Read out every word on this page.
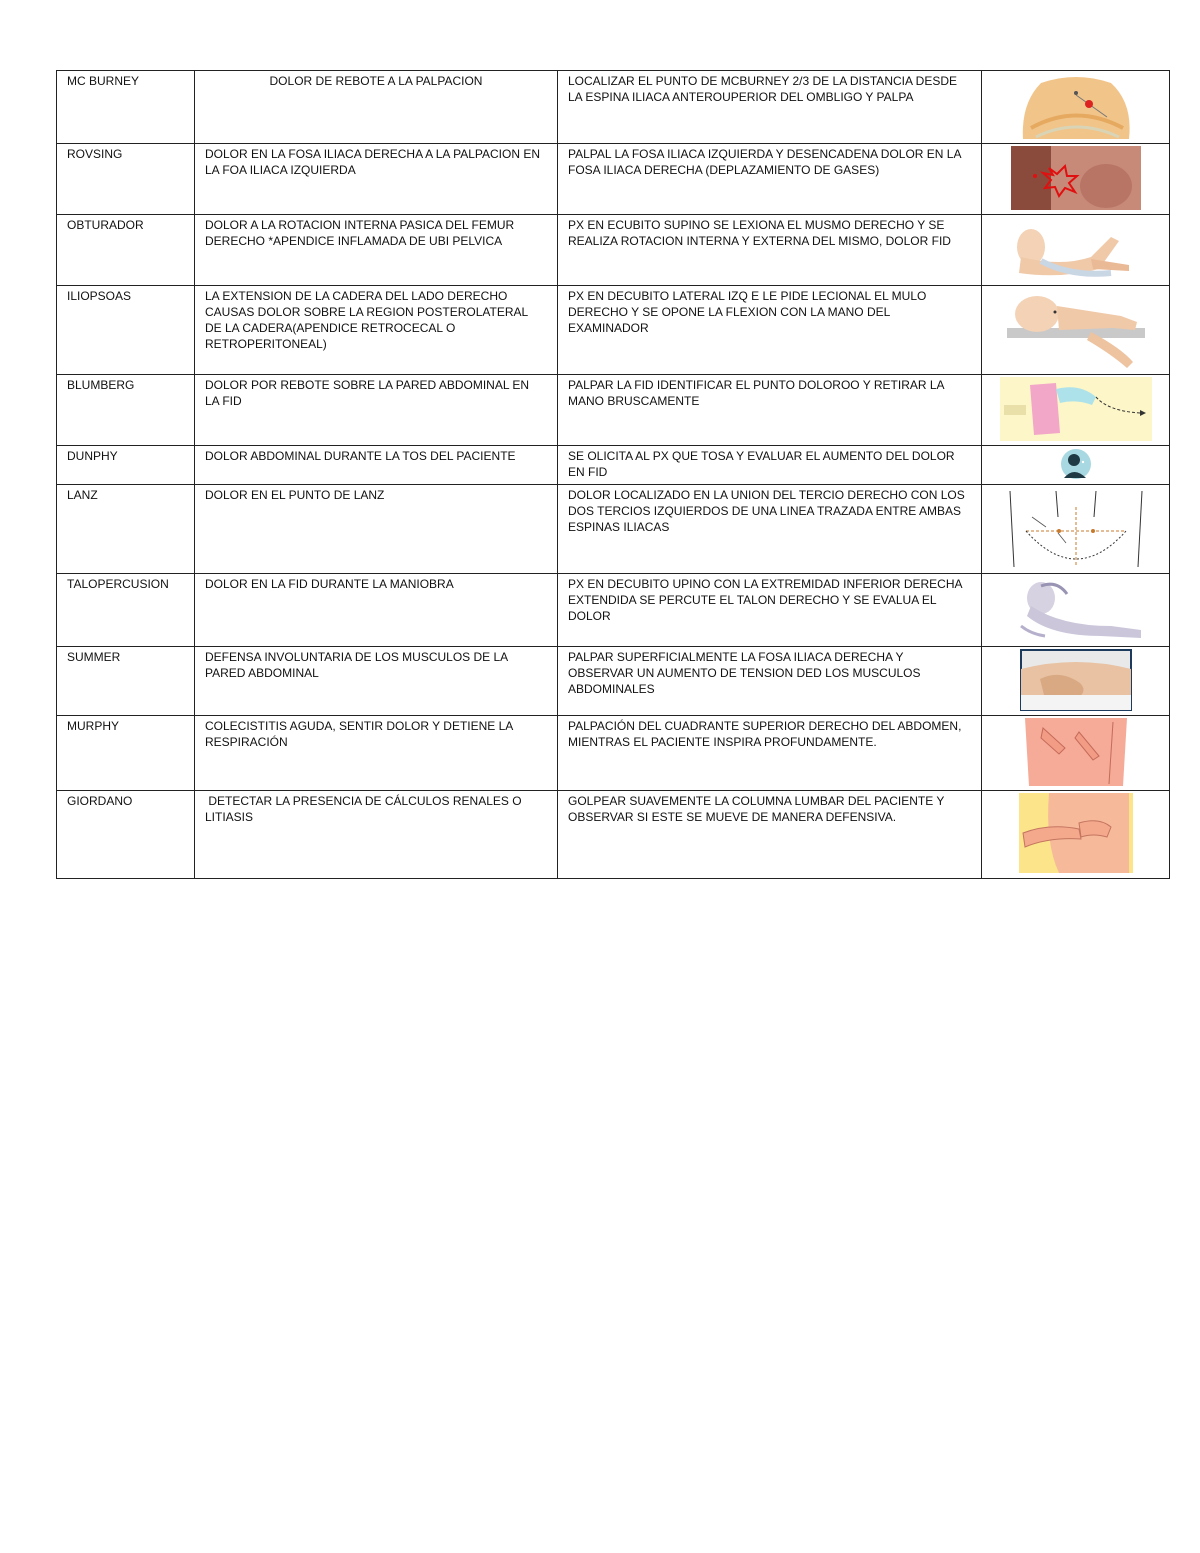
MC BURNEY	DOLOR DE REBOTE A LA PALPACION	LOCALIZAR EL PUNTO DE MCBURNEY 2/3 DE LA DISTANCIA DESDE LA ESPINA ILIACA ANTEROUPERIOR DEL OMBLIGO Y PALPA	

ROVSING	DOLOR EN LA FOSA ILIACA DERECHA A LA PALPACION EN LA FOA ILIACA IZQUIERDA	PALPAL LA FOSA ILIACA IZQUIERDA Y DESENCADENA DOLOR EN LA FOSA ILIACA DERECHA (DEPLAZAMIENTO DE GASES)	

OBTURADOR	DOLOR A LA ROTACION INTERNA PASICA DEL FEMUR DERECHO *APENDICE INFLAMADA DE UBI PELVICA	PX EN ECUBITO SUPINO SE LEXIONA EL MUSMO DERECHO Y SE REALIZA ROTACION INTERNA Y EXTERNA DEL MISMO, DOLOR FID	

ILIOPSOAS	LA EXTENSION DE LA CADERA DEL LADO DERECHO CAUSAS DOLOR SOBRE LA REGION POSTEROLATERAL DE LA CADERA(APENDICE RETROCECAL O RETROPERITONEAL)	PX EN DECUBITO LATERAL IZQ E LE PIDE LECIONAL EL MULO DERECHO Y SE OPONE LA FLEXION CON LA MANO DEL EXAMINADOR	

BLUMBERG	DOLOR POR REBOTE SOBRE LA PARED ABDOMINAL EN LA FID	PALPAR LA FID IDENTIFICAR EL PUNTO DOLOROO Y RETIRAR LA MANO BRUSCAMENTE	

DUNPHY	DOLOR ABDOMINAL DURANTE LA TOS DEL PACIENTE	SE OLICITA AL PX QUE TOSA Y EVALUAR EL AUMENTO DEL DOLOR EN FID	

LANZ	DOLOR EN EL PUNTO DE LANZ	DOLOR LOCALIZADO EN LA UNION DEL TERCIO DERECHO CON LOS DOS TERCIOS IZQUIERDOS DE UNA LINEA TRAZADA ENTRE AMBAS ESPINAS ILIACAS	

TALOPERCUSION	DOLOR EN LA FID DURANTE LA MANIOBRA	PX EN DECUBITO UPINO CON LA EXTREMIDAD INFERIOR DERECHA EXTENDIDA SE PERCUTE EL TALON DERECHO Y SE EVALUA EL DOLOR	

SUMMER	DEFENSA INVOLUNTARIA DE LOS MUSCULOS DE LA PARED ABDOMINAL	PALPAR SUPERFICIALMENTE LA FOSA ILIACA DERECHA Y OBSERVAR UN AUMENTO DE TENSION DED LOS MUSCULOS ABDOMINALES	

MURPHY	COLECISTITIS AGUDA, SENTIR DOLOR Y DETIENE LA RESPIRACIÓN	PALPACIÓN DEL CUADRANTE SUPERIOR DERECHO DEL ABDOMEN, MIENTRAS EL PACIENTE INSPIRA PROFUNDAMENTE.	

GIORDANO	DETECTAR LA PRESENCIA DE CÁLCULOS RENALES O LITIASIS	GOLPEAR SUAVEMENTE LA COLUMNA LUMBAR DEL PACIENTE Y OBSERVAR SI ESTE SE MUEVE DE MANERA DEFENSIVA.	
